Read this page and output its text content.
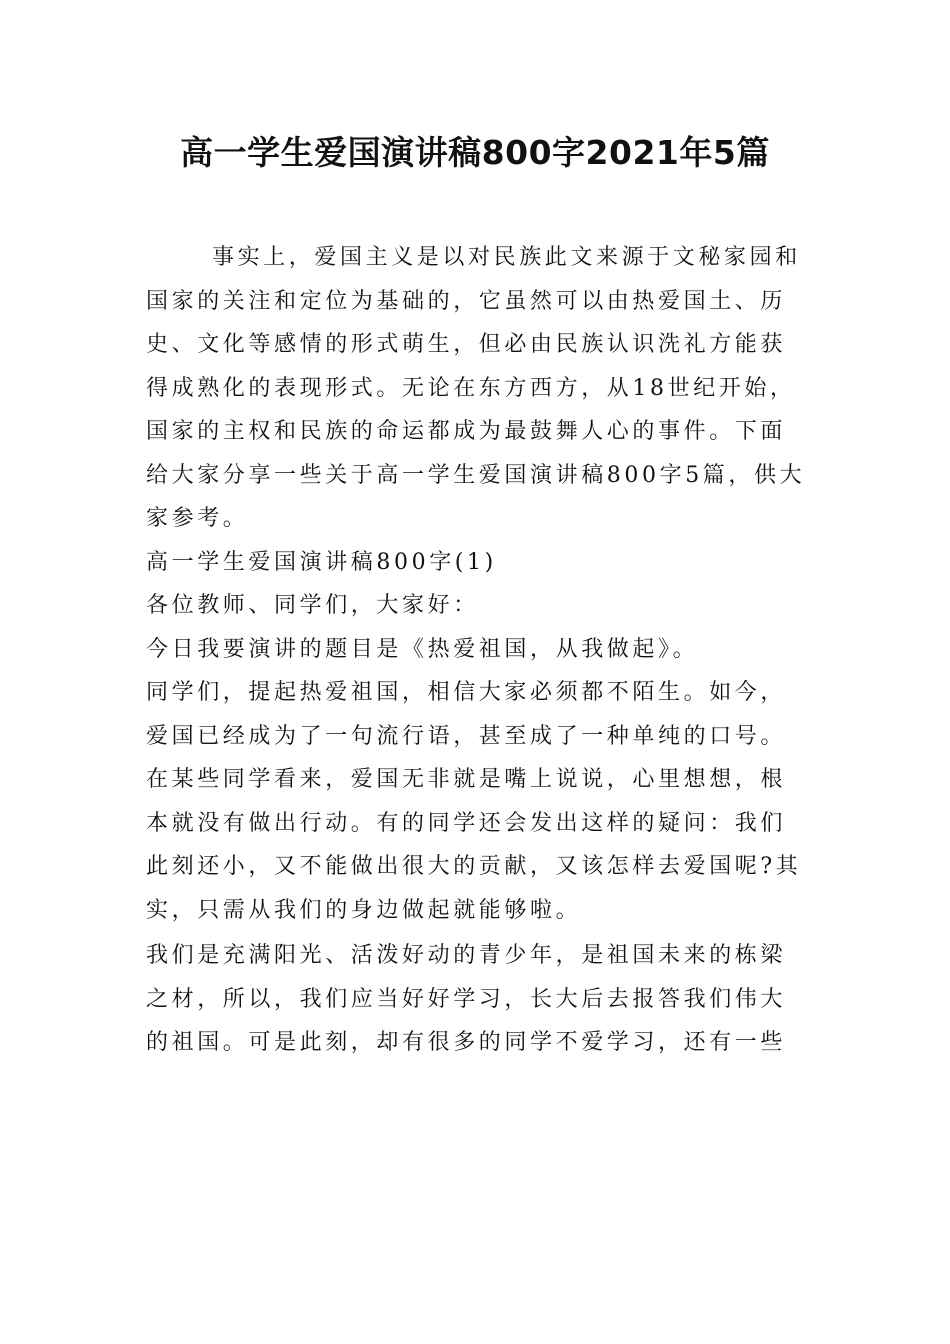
高一学生爱国演讲稿800字2021年5篇
事实上，爱国主义是以对民族此文来源于文秘家园和
国家的关注和定位为基础的，它虽然可以由热爱国土、历
史、文化等感情的形式萌生，但必由民族认识洗礼方能获
得成熟化的表现形式。无论在东方西方，从18世纪开始，
国家的主权和民族的命运都成为最鼓舞人心的事件。下面
给大家分享一些关于高一学生爱国演讲稿800字5篇，供大
家参考。
高一学生爱国演讲稿800字(1)
各位教师、同学们，大家好：
今日我要演讲的题目是《热爱祖国，从我做起》。
同学们，提起热爱祖国，相信大家必须都不陌生。如今，
爱国已经成为了一句流行语，甚至成了一种单纯的口号。
在某些同学看来，爱国无非就是嘴上说说，心里想想，根
本就没有做出行动。有的同学还会发出这样的疑问：我们
此刻还小，又不能做出很大的贡献，又该怎样去爱国呢?其
实，只需从我们的身边做起就能够啦。
我们是充满阳光、活泼好动的青少年，是祖国未来的栋梁
之材，所以，我们应当好好学习，长大后去报答我们伟大
的祖国。可是此刻，却有很多的同学不爱学习，还有一些
